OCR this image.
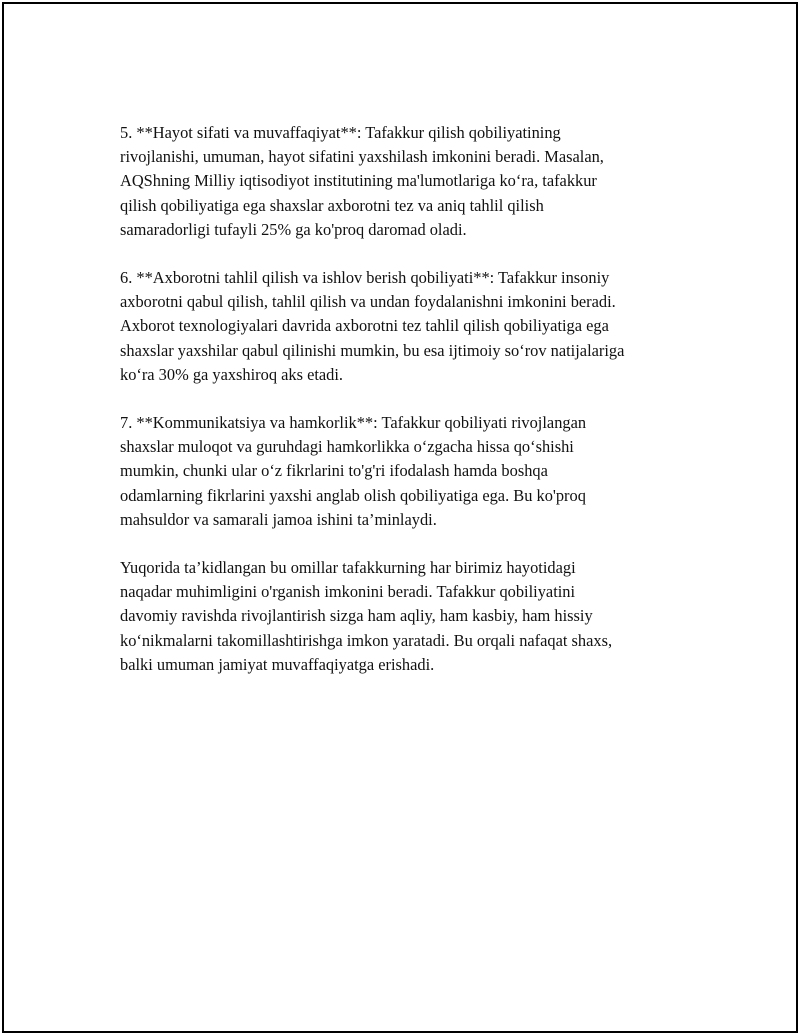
5. **Hayot sifati va muvaffaqiyat**: Tafakkur qilish qobiliyatining
rivojlanishi, umuman, hayot sifatini yaxshilash imkonini beradi. Masalan,
AQShning Milliy iqtisodiyot institutining ma'lumotlariga ko‘ra, tafakkur
qilish qobiliyatiga ega shaxslar axborotni tez va aniq tahlil qilish
samaradorligi tufayli 25% ga ko'proq daromad oladi.

6. **Axborotni tahlil qilish va ishlov berish qobiliyati**: Tafakkur insoniy
axborotni qabul qilish, tahlil qilish va undan foydalanishni imkonini beradi.
Axborot texnologiyalari davrida axborotni tez tahlil qilish qobiliyatiga ega
shaxslar yaxshilar qabul qilinishi mumkin, bu esa ijtimoiy so‘rov natijalariga
ko‘ra 30% ga yaxshiroq aks etadi.

7. **Kommunikatsiya va hamkorlik**: Tafakkur qobiliyati rivojlangan
shaxslar muloqot va guruhdagi hamkorlikka o‘zgacha hissa qo‘shishi
mumkin, chunki ular o‘z fikrlarini to'g'ri ifodalash hamda boshqa
odamlarning fikrlarini yaxshi anglab olish qobiliyatiga ega. Bu ko'proq
mahsuldor va samarali jamoa ishini ta’minlaydi.

Yuqorida ta’kidlangan bu omillar tafakkurning har birimiz hayotidagi
naqadar muhimligini o'rganish imkonini beradi. Tafakkur qobiliyatini
davomiy ravishda rivojlantirish sizga ham aqliy, ham kasbiy, ham hissiy
ko‘nikmalarni takomillashtirishga imkon yaratadi. Bu orqali nafaqat shaxs,
balki umuman jamiyat muvaffaqiyatga erishadi.
